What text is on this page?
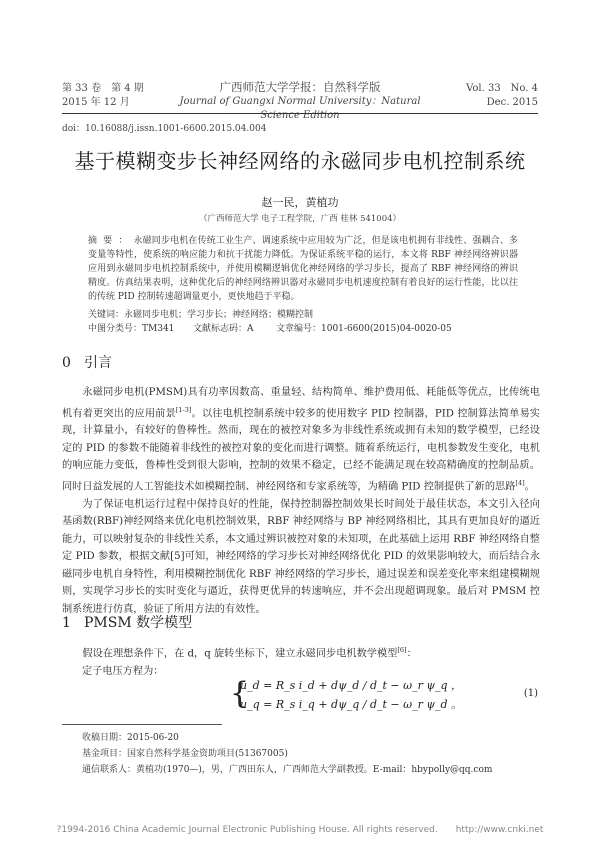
第 33 卷　第 4 期
2015 年 12 月
广西师范大学学报：自然科学版
Journal of Guangxi Normal University：Natural Science Edition
Vol. 33　No. 4
Dec. 2015
doi：10.16088/j.issn.1001-6600.2015.04.004
基于模糊变步长神经网络的永磁同步电机控制系统
赵一民，黄植功
（广西师范大学 电子工程学院，广西 桂林 541004）
摘要：永磁同步电机在传统工业生产、调速系统中应用较为广泛，但是该电机拥有非线性、强耦合、多变量等特性，使系统的响应能力和抗干扰能力降低。为保证系统平稳的运行，本文将 RBF 神经网络辨识器应用到永磁同步电机控制系统中，并使用模糊逻辑优化神经网络的学习步长，提高了 RBF 神经网络的辨识精度。仿真结果表明，这种优化后的神经网络辨识器对永磁同步电机速度控制有着良好的运行性能，比以往的传统 PID 控制转速超调量更小，更快地趋于平稳。
关键词：永磁同步电机；学习步长；神经网络；模糊控制
中图分类号：TM341 文献标志码：A	文章编号：1001-6600(2015)04-0020-05
0 引言

永磁同步电机(PMSM)具有功率因数高、重量轻、结构简单、维护费用低、耗能低等优点，比传统电机有着更突出的应用前景[1-3]。以往电机控制系统中较多的使用数字 PID 控制器，PID 控制算法简单易实现，计算量小，有较好的鲁棒性。然而，现在的被控对象多为非线性系统或拥有未知的数学模型，已经设定的 PID 的参数不能随着非线性的被控对象的变化而进行调整。随着系统运行，电机参数发生变化，电机的响应能力变低，鲁棒性受到很大影响，控制的效果不稳定，已经不能满足现在较高精确度的控制品质。同时日益发展的人工智能技术如模糊控制、神经网络和专家系统等，为精确 PID 控制提供了新的思路[4]。

为了保证电机运行过程中保持良好的性能，保持控制器控制效果长时间处于最佳状态，本文引入径向基函数(RBF)神经网络来优化电机控制效果，RBF 神经网络与 BP 神经网络相比，其具有更加良好的逼近能力，可以映射复杂的非线性关系，本文通过辨识被控对象的未知项，在此基础上运用 RBF 神经网络自整定 PID 参数，根据文献[5]可知，神经网络的学习步长对神经网络优化 PID 的效果影响较大，而后结合永磁同步电机自身特性，利用模糊控制优化 RBF 神经网络的学习步长，通过误差和误差变化率来组建模糊规则，实现学习步长的实时变化与逼近，获得更优异的转速响应，并不会出现超调现象。最后对 PMSM 控制系统进行仿真，验证了所用方法的有效性。

1 PMSM 数学模型

假设在理想条件下，在 d，q 旋转坐标下，建立永磁同步电机数学模型[6]：

定子电压方程为：

{
u_d = R_s i_d + dψ_d / d_t − ω_r ψ_q ，
u_q = R_s i_q + dψ_q / d_t − ω_r ψ_d 。
(1)
收稿日期：2015-06-20
基金项目：国家自然科学基金资助项目(51367005)
通信联系人：黄植功(1970—)，男，广西田东人，广西师范大学副教授。E-mail：hbypolly@qq.com
?1994-2016 China Academic Journal Electronic Publishing House. All rights reserved.　　http://www.cnki.net
